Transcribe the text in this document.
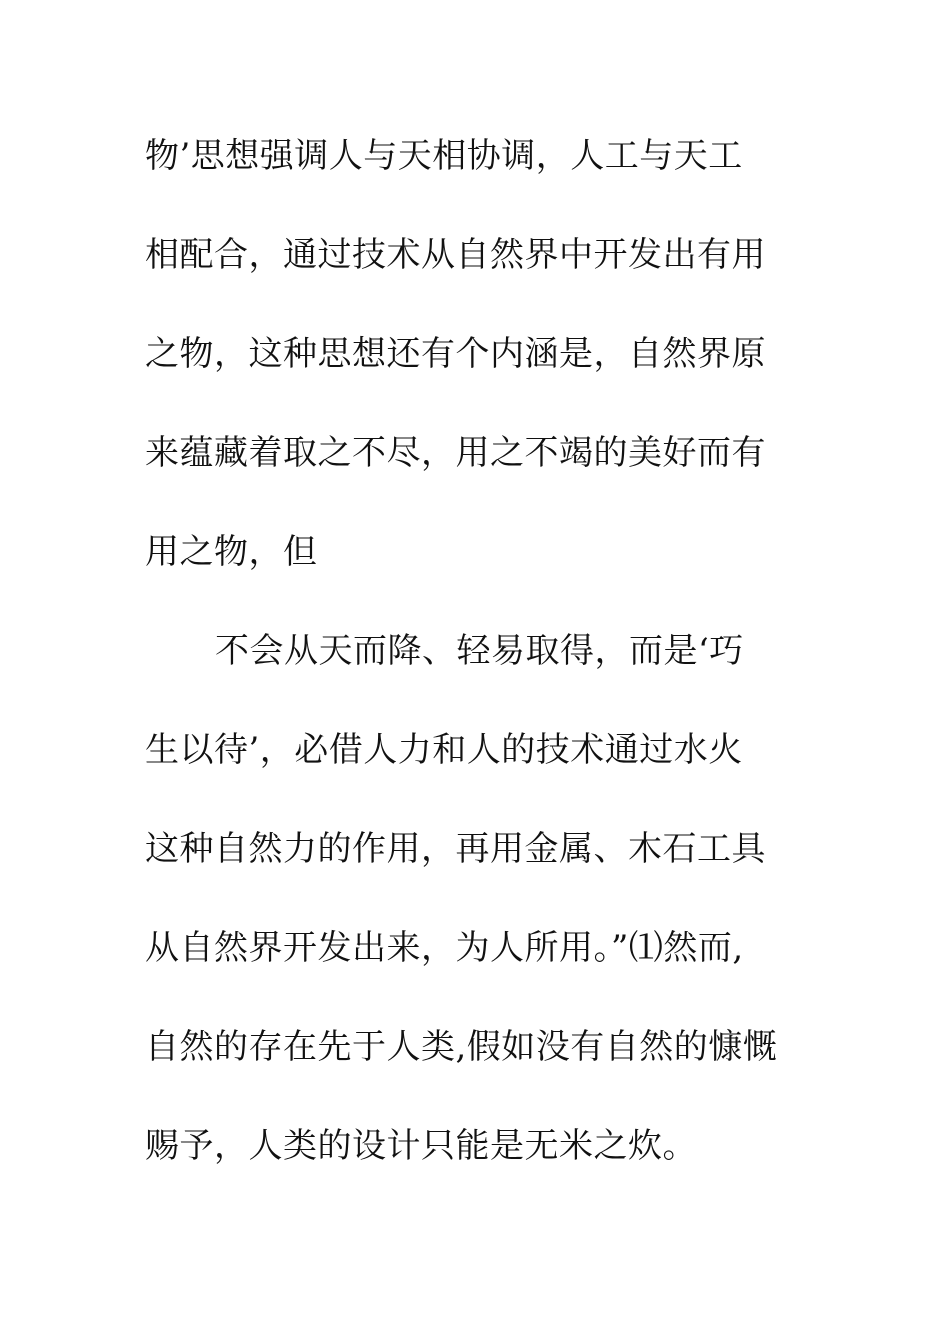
物’思想强调人与天相协调，人工与天工
相配合，通过技术从自然界中开发出有用
之物，这种思想还有个内涵是，自然界原
来蕴藏着取之不尽，用之不竭的美好而有
用之物，但
不会从天而降、轻易取得，而是‘巧
生以待’，必借人力和人的技术通过水火
这种自然力的作用，再用金属、木石工具
从自然界开发出来，为人所用。”⑴然而,
自然的存在先于人类,假如没有自然的慷慨
赐予，人类的设计只能是无米之炊。
